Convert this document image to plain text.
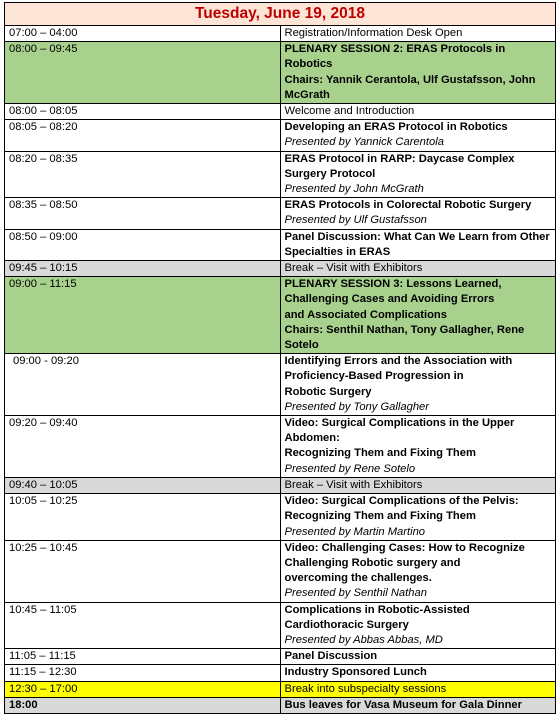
Tuesday, June 19, 2018	
07:00 – 04:00	Registration/Information Desk Open

08:00 – 09:45	PLENARY SESSION 2: ERAS Protocols in Robotics
Chairs: Yannik Cerantola, Ulf Gustafsson, John McGrath

08:00 – 08:05	Welcome and Introduction

08:05 – 08:20	Developing an ERAS Protocol in Robotics
Presented by Yannick Carentola

08:20 – 08:35	ERAS Protocol in RARP: Daycase Complex Surgery Protocol
Presented by John McGrath

08:35 – 08:50	ERAS Protocols in Colorectal Robotic Surgery
Presented by Ulf Gustafsson

08:50 – 09:00	Panel Discussion: What Can We Learn from Other Specialties in ERAS

09:45 – 10:15	Break – Visit with Exhibitors

09:00 – 11:15	PLENARY SESSION 3: Lessons Learned, Challenging Cases and Avoiding Errors
and Associated Complications
Chairs: Senthil Nathan, Tony Gallagher, Rene Sotelo

09:00 - 09:20	Identifying Errors and the Association with Proficiency-Based Progression in
Robotic Surgery
Presented by Tony Gallagher

09:20 – 09:40	Video: Surgical Complications in the Upper Abdomen:
Recognizing Them and Fixing Them
Presented by Rene Sotelo

09:40 – 10:05	Break – Visit with Exhibitors

10:05 – 10:25	Video: Surgical Complications of the Pelvis:
Recognizing Them and Fixing Them
Presented by Martin Martino

10:25 – 10:45	Video: Challenging Cases: How to Recognize Challenging Robotic surgery and
overcoming the challenges.
Presented by Senthil Nathan

10:45 – 11:05	Complications in Robotic-Assisted Cardiothoracic Surgery
Presented by Abbas Abbas, MD

11:05 – 11:15	Panel Discussion

11:15 – 12:30	Industry Sponsored Lunch

12:30 – 17:00	Break into subspecialty sessions

18:00	Bus leaves for Vasa Museum for Gala Dinner
